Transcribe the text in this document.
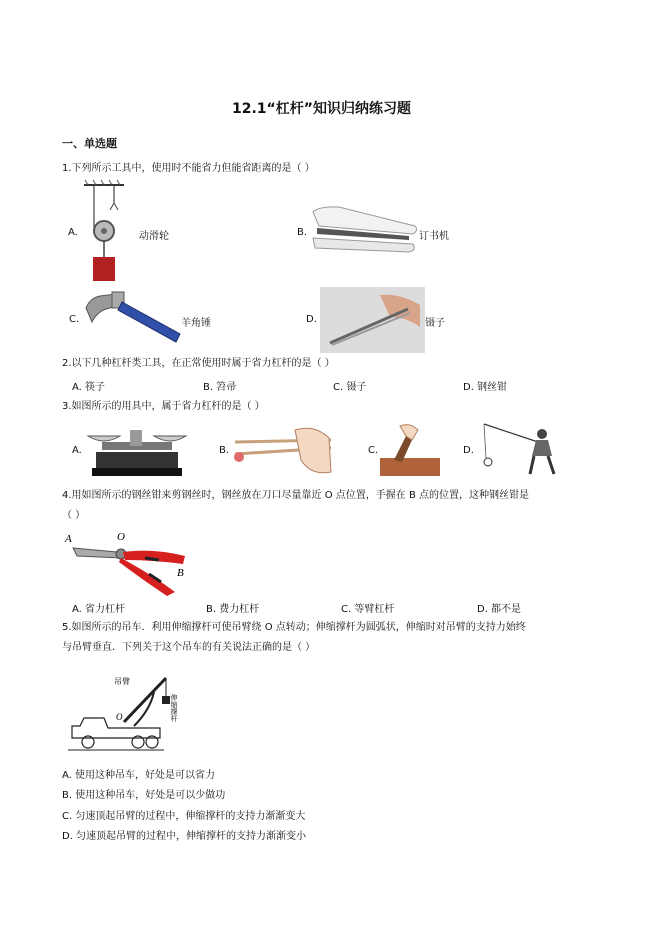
12.1“杠杆”知识归纳练习题
一、单选题
1.下列所示工具中，使用时不能省力但能省距离的是（ ）
A.	动滑轮	B.	订书机
C.	羊角锤	D.	镊子
2.以下几种杠杆类工具，在正常使用时属于省力杠杆的是（ ）
A. 筷子	B. 笤帚	C. 镊子	D. 钢丝钳
3.如图所示的用具中，属于省力杠杆的是（ ）
A.	B.	C.	D.
4.用如图所示的钢丝钳来剪钢丝时，钢丝放在刀口尽量靠近 O 点位置，手握在 B 点的位置，这种钢丝钳是
（ ）
A	O
B
A. 省力杠杆	B. 费力杠杆	C. 等臂杠杆	D. 都不是
5.如图所示的吊车．利用伸缩撑杆可使吊臂绕 O 点转动；伸缩撑杆为圆弧状，伸缩时对吊臂的支持力始终
与吊臂垂直．下列关于这个吊车的有关说法正确的是（ ）
吊臂
O	伸缩撑杆
A. 使用这种吊车，好处是可以省力
B. 使用这种吊车，好处是可以少做功
C. 匀速顶起吊臂的过程中，伸缩撑杆的支持力渐渐变大
D. 匀速顶起吊臂的过程中，伸缩撑杆的支持力渐渐变小
